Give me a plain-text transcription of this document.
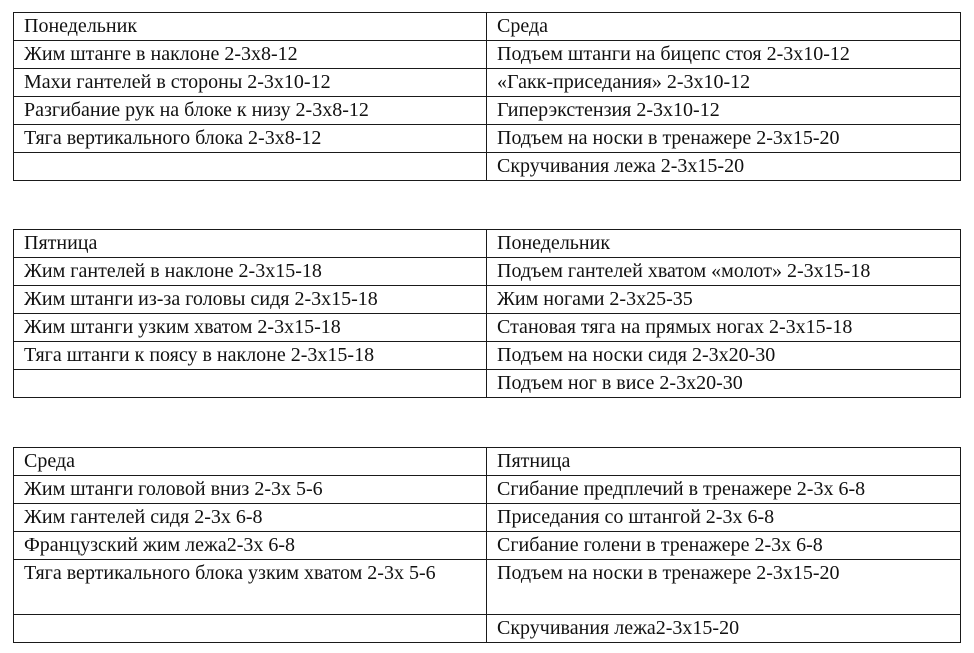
Понедельник	Среда
Жим штанге в наклоне 2-3х8-12	Подъем штанги на бицепс стоя 2-3х10-12
Махи гантелей в стороны 2-3х10-12	«Гакк-приседания» 2-3х10-12
Разгибание рук на блоке к низу 2-3х8-12	Гиперэкстензия 2-3х10-12
Тяга вертикального блока 2-3х8-12	Подъем на носки в тренажере 2-3х15-20
	Скручивания лежа 2-3х15-20
Пятница	Понедельник
Жим гантелей в наклоне 2-3х15-18	Подъем гантелей хватом «молот» 2-3х15-18
Жим штанги из-за головы сидя 2-3х15-18	Жим ногами 2-3х25-35
Жим штанги узким хватом 2-3х15-18	Становая тяга на прямых ногах 2-3х15-18
Тяга штанги к поясу в наклоне 2-3х15-18	Подъем на носки сидя 2-3х20-30
	Подъем ног в висе 2-3х20-30
Среда	Пятница
Жим штанги головой вниз 2-3х 5-6	Сгибание предплечий в тренажере 2-3х 6-8
Жим гантелей сидя 2-3х 6-8	Приседания со штангой 2-3х 6-8
Французский жим лежа2-3х 6-8	Сгибание голени в тренажере 2-3х 6-8
Тяга вертикального блока узким хватом 2-3х 5-6	Подъем на носки в тренажере 2-3х15-20
	Скручивания лежа2-3х15-20
